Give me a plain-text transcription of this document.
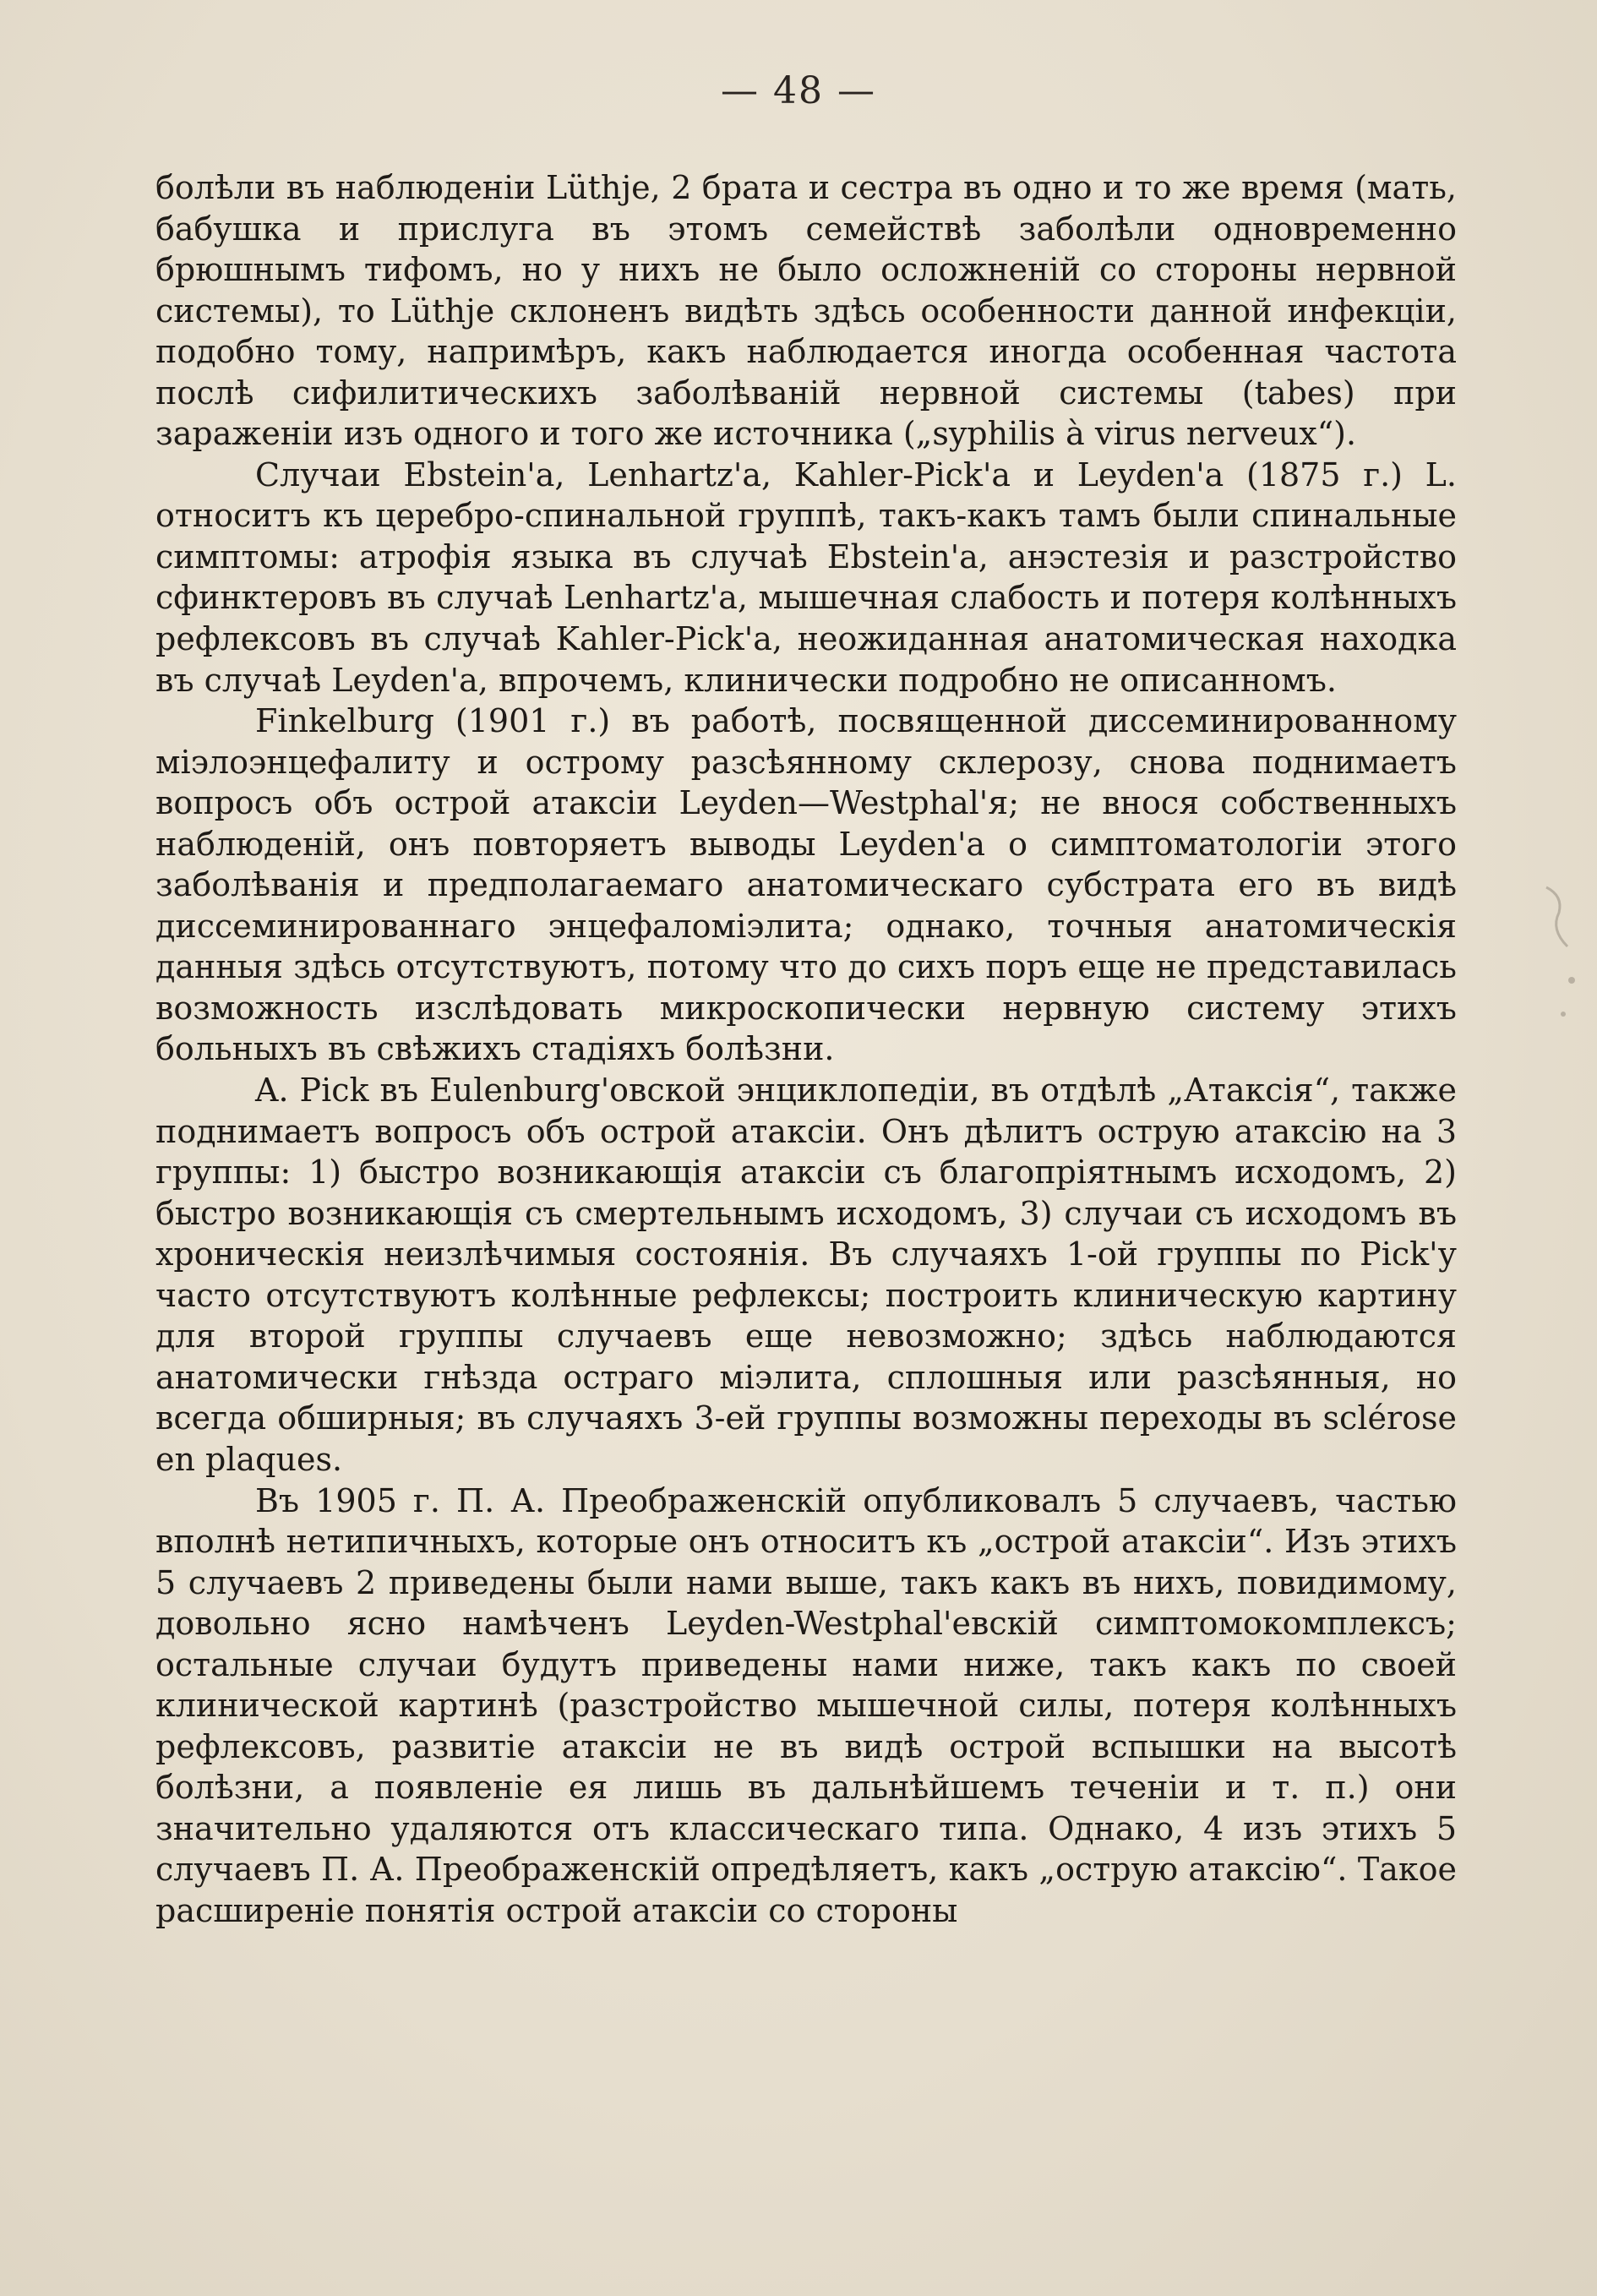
— 48 —

болѣли въ наблюденіи Lüthje, 2 брата и сестра въ одно и то же время (мать, бабушка и прислуга въ этомъ семействѣ заболѣли одновременно брюшнымъ тифомъ, но у нихъ не было осложненій со стороны нервной системы), то Lüthje склоненъ видѣть здѣсь особенности данной инфекціи, подобно тому, напримѣръ, какъ наблюдается иногда особенная частота послѣ сифилитическихъ заболѣваній нервной системы (tabes) при зараженіи изъ одного и того же источника („syphilis à virus nerveux“).

Случаи Ebstein'а, Lenhartz'а, Kahler-Pick'а и Leyden'а (1875 г.) L. относитъ къ церебро-спинальной группѣ, такъ-какъ тамъ были спинальные симптомы: атрофія языка въ случаѣ Ebstein'а, анэстезія и разстройство сфинктеровъ въ случаѣ Lenhartz'а, мышечная слабость и потеря колѣнныхъ рефлексовъ въ случаѣ Kahler-Pick'а, неожиданная анатомическая находка въ случаѣ Leyden'а, впрочемъ, клинически подробно не описанномъ.

Finkelburg (1901 г.) въ работѣ, посвященной диссеминированному міэлоэнцефалиту и острому разсѣянному склерозу, снова поднимаетъ вопросъ объ острой атаксіи Leyden—Westphal'я; не внося собственныхъ наблюденій, онъ повторяетъ выводы Leyden'а о симптоматологіи этого заболѣванія и предполагаемаго анатомическаго субстрата его въ видѣ диссеминированнаго энцефаломіэлита; однако, точныя анатомическія данныя здѣсь отсутствуютъ, потому что до сихъ поръ еще не представилась возможность изслѣдовать микроскопически нервную систему этихъ больныхъ въ свѣжихъ стадіяхъ болѣзни.

A. Pick въ Eulenburg'овской энциклопедіи, въ отдѣлѣ „Атаксія“, также поднимаетъ вопросъ объ острой атаксіи. Онъ дѣлитъ острую атаксію на 3 группы: 1) быстро возникающія атаксіи съ благопріятнымъ исходомъ, 2) быстро возникающія съ смертельнымъ исходомъ, 3) случаи съ исходомъ въ хроническія неизлѣчимыя состоянія. Въ случаяхъ 1-ой группы по Pick'у часто отсутствуютъ колѣнные рефлексы; построить клиническую картину для второй группы случаевъ еще невозможно; здѣсь наблюдаются анатомически гнѣзда остраго міэлита, сплошныя или разсѣянныя, но всегда обширныя; въ случаяхъ 3-ей группы возможны переходы въ sclérose en plaques.

Въ 1905 г. П. А. Преображенскій опубликовалъ 5 случаевъ, частью вполнѣ нетипичныхъ, которые онъ относитъ къ „острой атаксіи“. Изъ этихъ 5 случаевъ 2 приведены были нами выше, такъ какъ въ нихъ, повидимому, довольно ясно намѣченъ Leyden-Westphal'евскій симптомокомплексъ; остальные случаи будутъ приведены нами ниже, такъ какъ по своей клинической картинѣ (разстройство мышечной силы, потеря колѣнныхъ рефлексовъ, развитіе атаксіи не въ видѣ острой вспышки на высотѣ болѣзни, а появленіе ея лишь въ дальнѣйшемъ теченіи и т. п.) они значительно удаляются отъ классическаго типа. Однако, 4 изъ этихъ 5 случаевъ П. А. Преображенскій опредѣляетъ, какъ „острую атаксію“. Такое расширеніе понятія острой атаксіи со стороны
